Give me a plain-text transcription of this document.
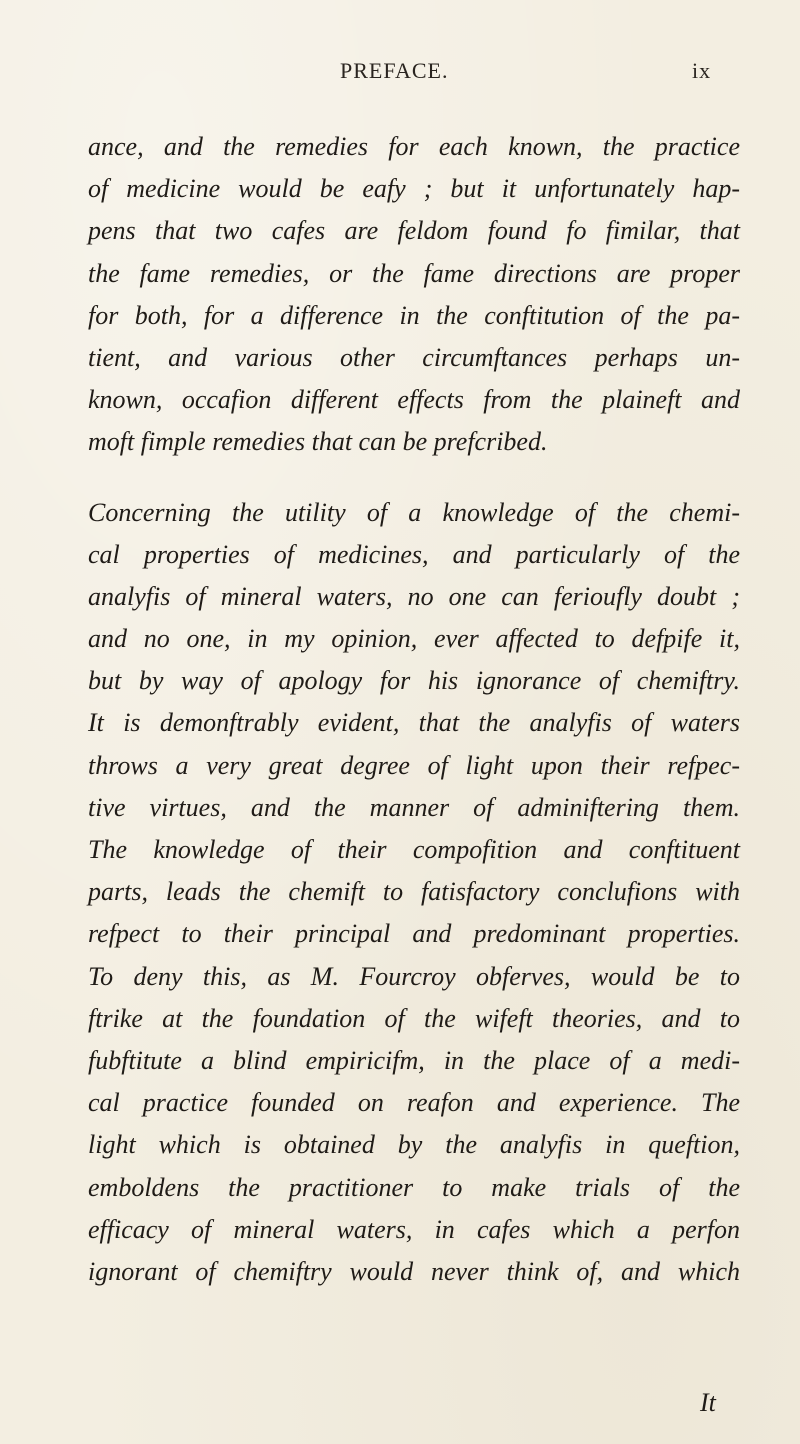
PREFACE.	ix

ance, and the remedies for each known, the practice
of medicine would be eafy ; but it unfortunately hap-
pens that two cafes are feldom found fo fimilar, that
the fame remedies, or the fame directions are proper
for both, for a difference in the conftitution of the pa-
tient, and various other circumftances perhaps un-
known, occafion different effects from the plaineft and
moft fimple remedies that can be prefcribed.

Concerning the utility of a knowledge of the chemi-
cal properties of medicines, and particularly of the
analyfis of mineral waters, no one can ferioufly doubt ;
and no one, in my opinion, ever affected to defpife it,
but by way of apology for his ignorance of chemiftry.
It is demonftrably evident, that the analyfis of waters
throws a very great degree of light upon their refpec-
tive virtues, and the manner of adminiftering them.
The knowledge of their compofition and conftituent
parts, leads the chemift to fatisfactory conclufions with
refpect to their principal and predominant properties.
To deny this, as M. Fourcroy obferves, would be to
ftrike at the foundation of the wifeft theories, and to
fubftitute a blind empiricifm, in the place of a medi-
cal practice founded on reafon and experience. The
light which is obtained by the analyfis in queftion,
emboldens the practitioner to make trials of the
efficacy of mineral waters, in cafes which a perfon
ignorant of chemiftry would never think of, and which

It
